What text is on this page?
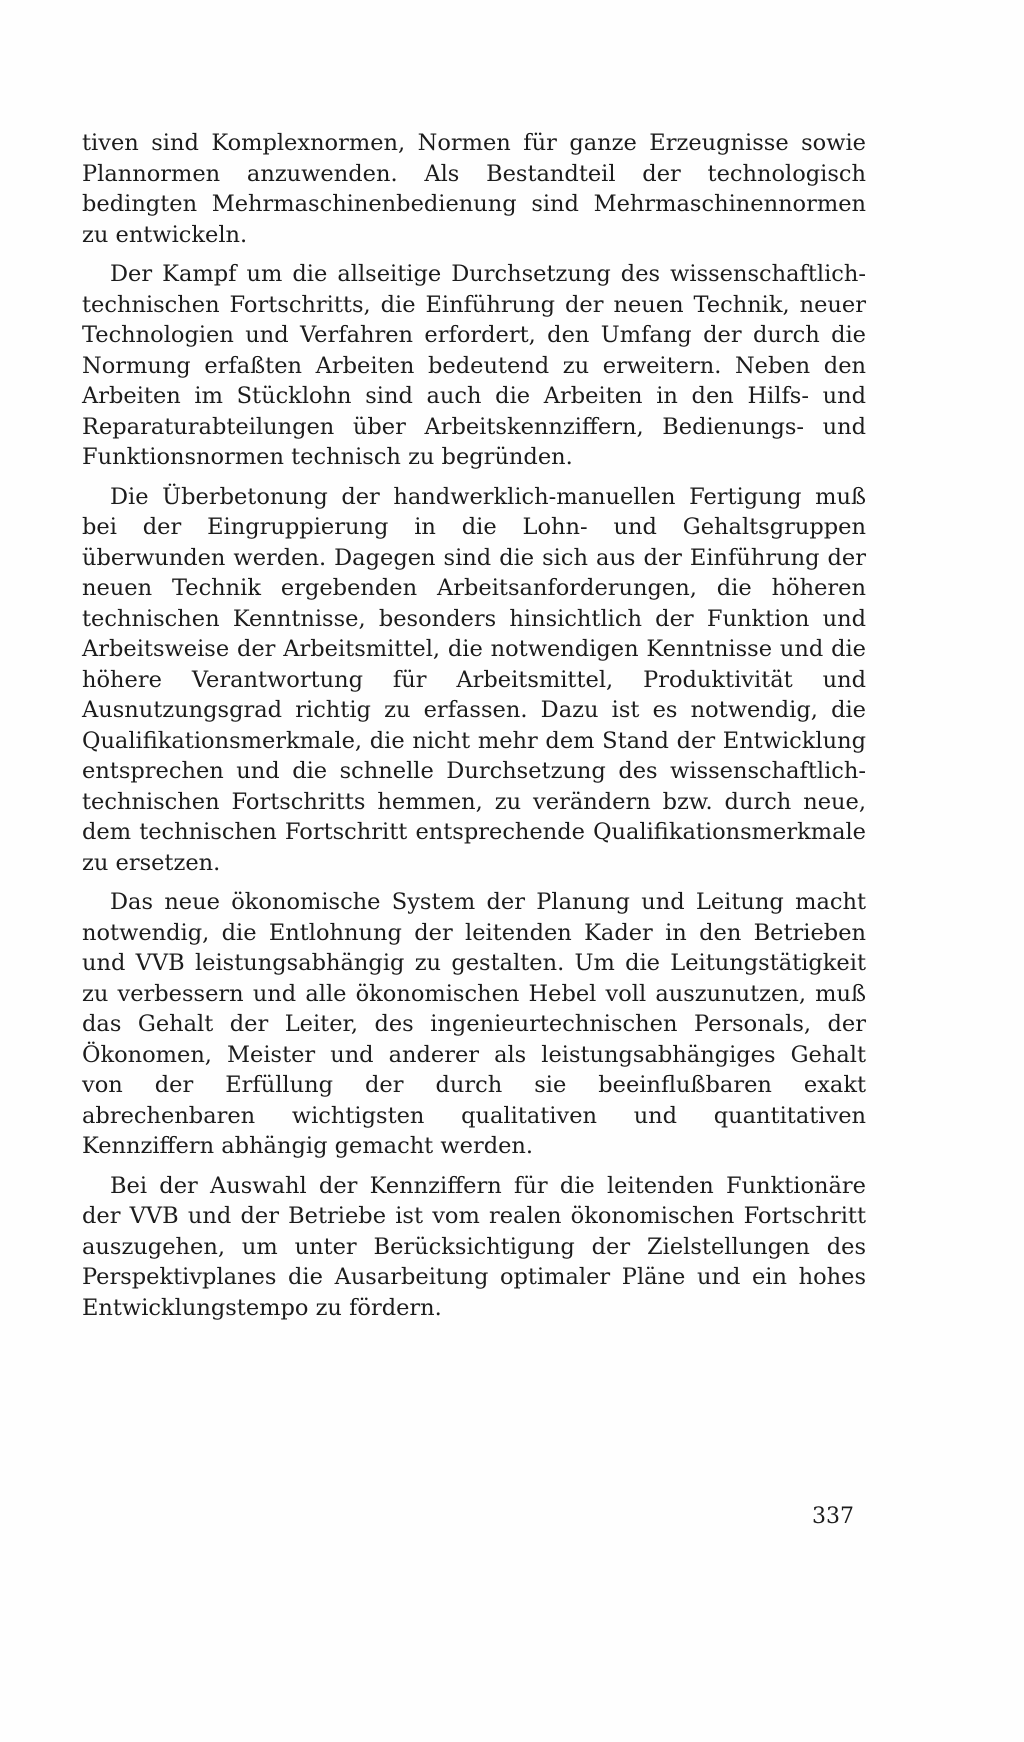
tiven sind Komplexnormen, Normen für ganze Erzeugnisse sowie Plannormen anzuwenden. Als Bestandteil der technologisch bedingten Mehrmaschinenbedienung sind Mehrmaschinennormen zu entwickeln.

Der Kampf um die allseitige Durchsetzung des wissenschaftlich-technischen Fortschritts, die Einführung der neuen Technik, neuer Technologien und Verfahren erfordert, den Umfang der durch die Normung erfaßten Arbeiten bedeutend zu erweitern. Neben den Arbeiten im Stücklohn sind auch die Arbeiten in den Hilfs- und Reparaturabteilungen über Arbeitskennziffern, Bedienungs- und Funktionsnormen technisch zu begründen.

Die Überbetonung der handwerklich-manuellen Fertigung muß bei der Eingruppierung in die Lohn- und Gehaltsgruppen überwunden werden. Dagegen sind die sich aus der Einführung der neuen Technik ergebenden Arbeitsanforderungen, die höheren technischen Kenntnisse, besonders hinsichtlich der Funktion und Arbeitsweise der Arbeitsmittel, die notwendigen Kenntnisse und die höhere Verantwortung für Arbeitsmittel, Produktivität und Ausnutzungsgrad richtig zu erfassen. Dazu ist es notwendig, die Qualifikationsmerkmale, die nicht mehr dem Stand der Entwicklung entsprechen und die schnelle Durchsetzung des wissenschaftlich-technischen Fortschritts hemmen, zu verändern bzw. durch neue, dem technischen Fortschritt entsprechende Qualifikationsmerkmale zu ersetzen.

Das neue ökonomische System der Planung und Leitung macht notwendig, die Entlohnung der leitenden Kader in den Betrieben und VVB leistungsabhängig zu gestalten. Um die Leitungstätigkeit zu verbessern und alle ökonomischen Hebel voll auszunutzen, muß das Gehalt der Leiter, des ingenieurtechnischen Personals, der Ökonomen, Meister und anderer als leistungsabhängiges Gehalt von der Erfüllung der durch sie beeinflußbaren exakt abrechenbaren wichtigsten qualitativen und quantitativen Kennziffern abhängig gemacht werden.

Bei der Auswahl der Kennziffern für die leitenden Funktionäre der VVB und der Betriebe ist vom realen ökonomischen Fortschritt auszugehen, um unter Berücksichtigung der Zielstellungen des Perspektivplanes die Ausarbeitung optimaler Pläne und ein hohes Entwicklungstempo zu fördern.

337
